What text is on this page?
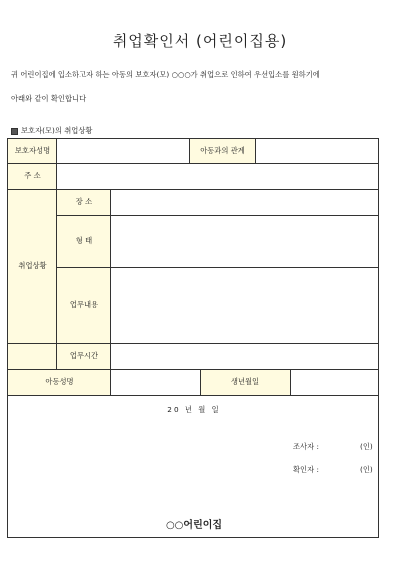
취업확인서 (어린이집용)
귀 어린이집에 입소하고자 하는 아동의 보호자(모) ○○○가 취업으로 인하여 우선입소를 원하기에
아래와 같이 확인합니다
보호자(모)의 취업상황
보호자성명	아동과의 관계
주 소
취업상황
장 소
형 태
업무내용
업무시간
아동성명	생년월일
20 년 월 일
조사자 :	(인)
확인자 :	(인)
○○어린이집
